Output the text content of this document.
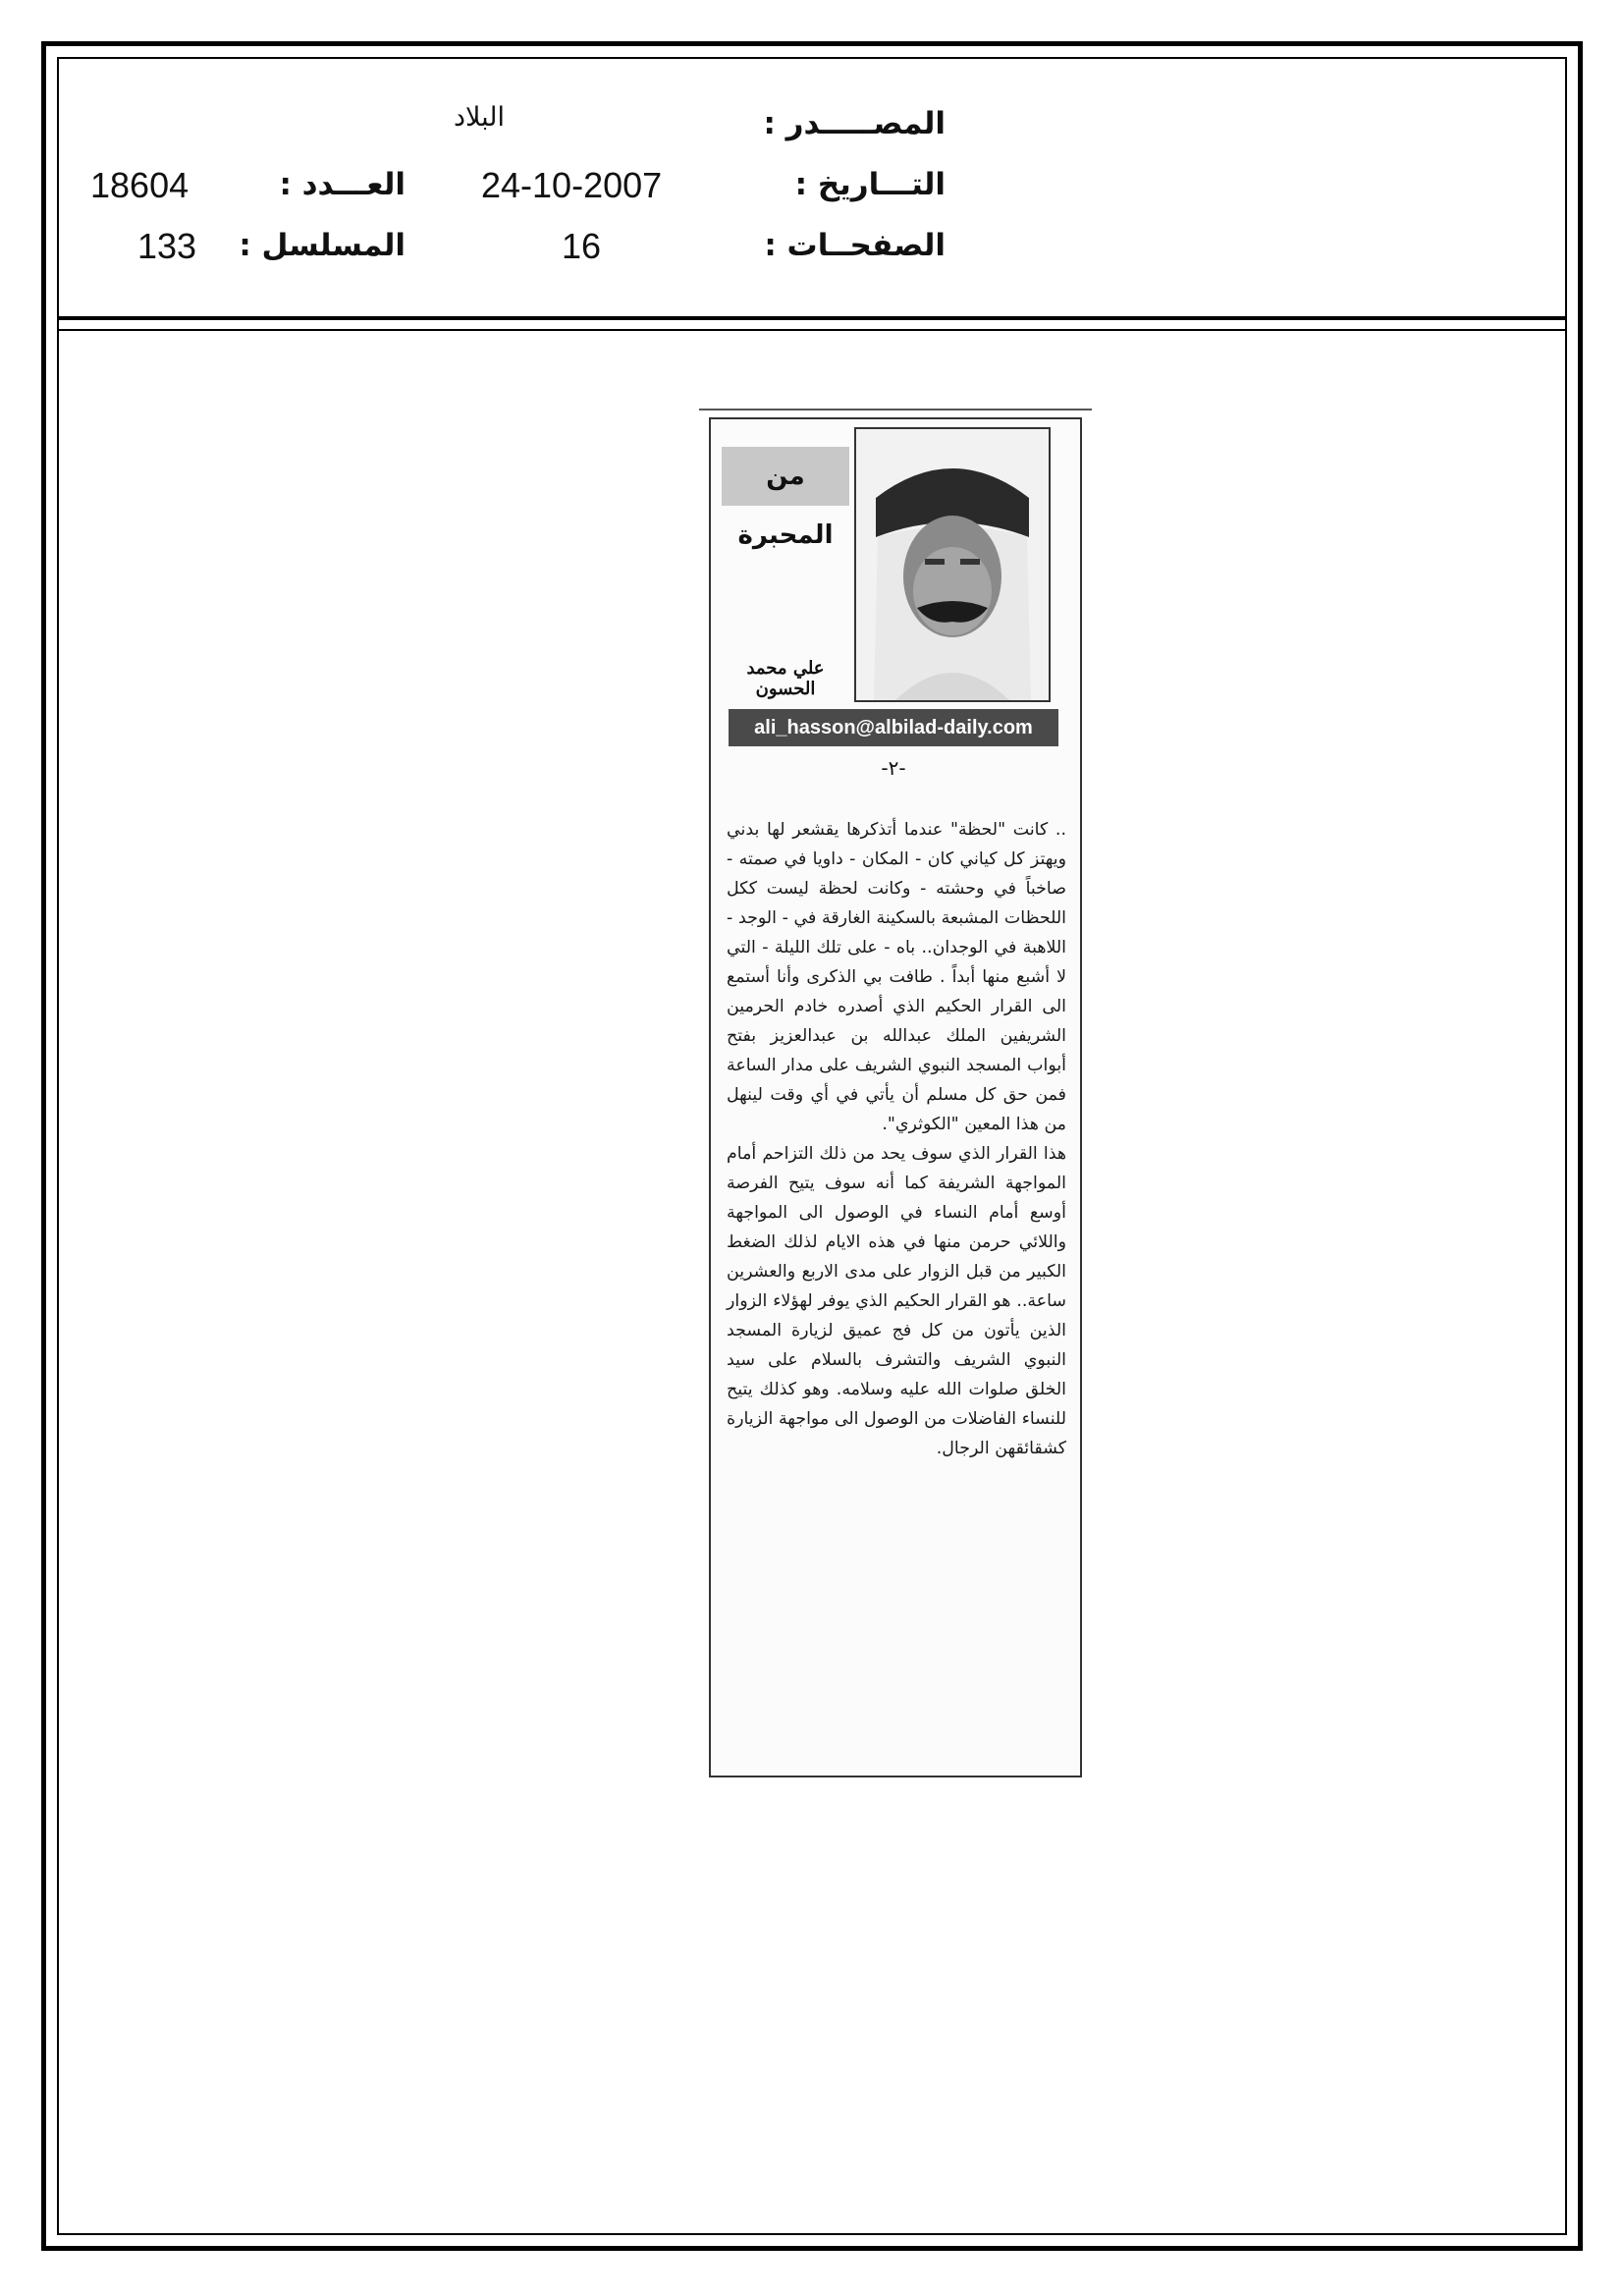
المصـــــدر :
البلاد
التـــاريخ :
24-10-2007
العـــدد :
18604
الصفحــات :
16
المسلسل :
133
من المحبرة
علي محمد الحسون
ali_hasson@albilad-daily.com
-٢-
.. كانت "لحظة" عندما أتذكرها يقشعر لها بدني ويهتز كل كياني كان - المكان - داويا في صمته - صاخباً في وحشته - وكانت لحظة ليست ككل اللحظات المشبعة بالسكينة الغارقة في - الوجد - اللاهبة في الوجدان.. باه - على تلك الليلة - التي لا أشبع منها أبداً . طافت بي الذكرى وأنا أستمع الى القرار الحكيم الذي أصدره خادم الحرمين الشريفين الملك عبدالله بن عبدالعزيز بفتح أبواب المسجد النبوي الشريف على مدار الساعة فمن حق كل مسلم أن يأتي في أي وقت لينهل من هذا المعين "الكوثري".
هذا القرار الذي سوف يحد من ذلك التزاحم أمام المواجهة الشريفة كما أنه سوف يتيح الفرصة أوسع أمام النساء في الوصول الى المواجهة واللائي حرمن منها في هذه الايام لذلك الضغط الكبير من قبل الزوار على مدى الاربع والعشرين ساعة.. هو القرار الحكيم الذي يوفر لهؤلاء الزوار الذين يأتون من كل فج عميق لزيارة المسجد النبوي الشريف والتشرف بالسلام على سيد الخلق صلوات الله عليه وسلامه. وهو كذلك يتيح للنساء الفاضلات من الوصول الى مواجهة الزيارة كشقائقهن الرجال.
